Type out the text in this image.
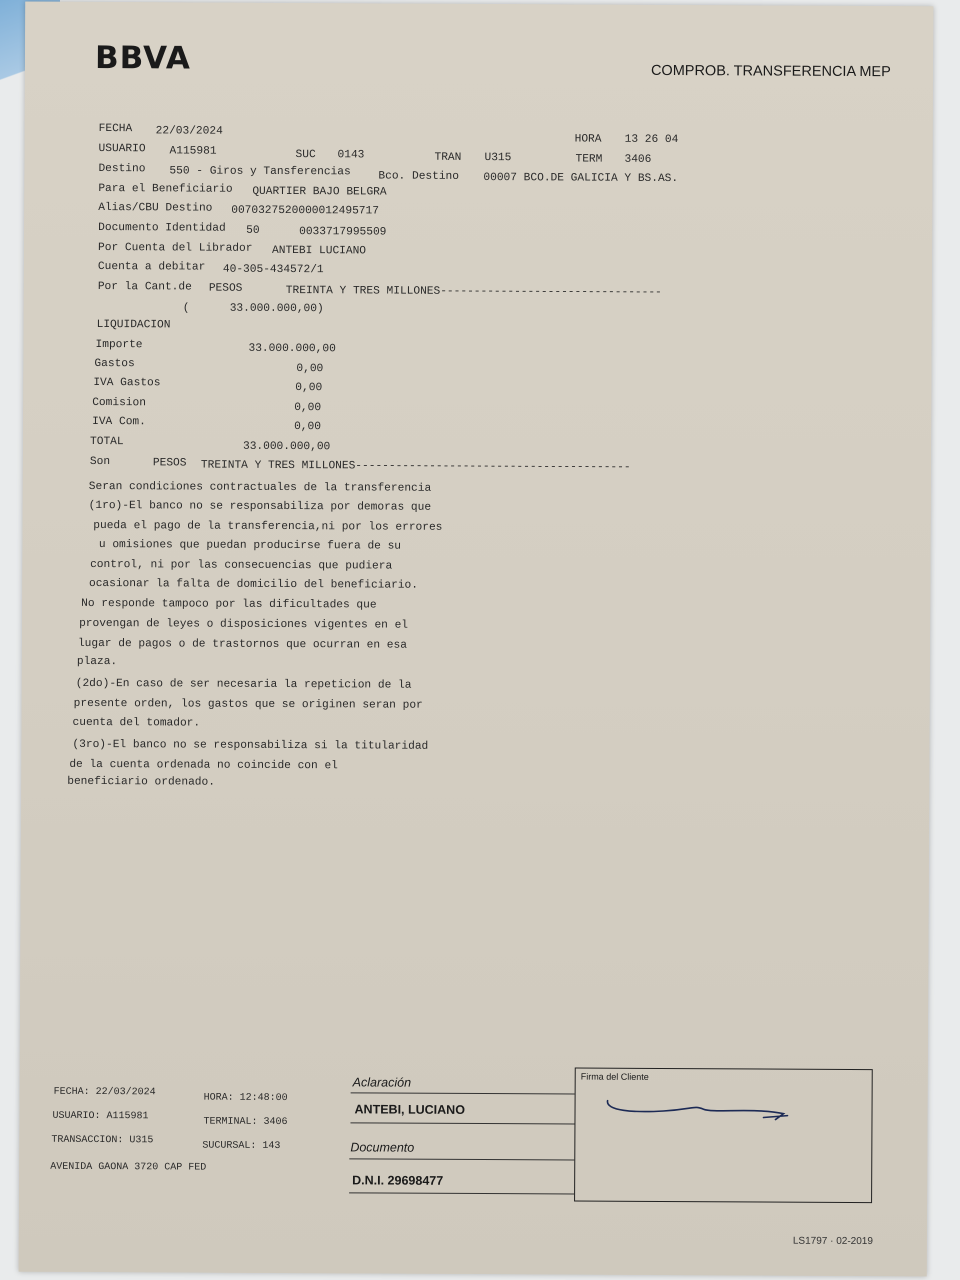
BBVA	COMPROB. TRANSFERENCIA MEP
FECHA 22/03/2024
HORA 13 26 04
USUARIO A115981	SUC 0143	TRAN U315	TERM 3406
Destino 550 - Giros y Tansferencias Bco. Destino 00007 BCO.DE GALICIA Y BS.AS.
Para el Beneficiario QUARTIER BAJO BELGRA
Alias/CBU Destino 0070327520000012495717
Documento Identidad 50	0033717995509
Por Cuenta del Librador ANTEBI LUCIANO
Cuenta a debitar 40-305-434572/1
Por la Cant.de PESOS	TREINTA Y TRES MILLONES---------------------------------
(      33.000.000,00)
LIQUIDACION
Importe	33.000.000,00
Gastos	0,00
IVA Gastos	0,00
Comision	0,00
IVA Com.	0,00
TOTAL	33.000.000,00
Son	PESOS TREINTA Y TRES MILLONES-----------------------------------------
Seran condiciones contractuales de la transferencia
(1ro)-El banco no se responsabiliza por demoras que
pueda el pago de la transferencia,ni por los errores
u omisiones que puedan producirse fuera de su
control, ni por las consecuencias que pudiera
ocasionar la falta de domicilio del beneficiario.
No responde tampoco por las dificultades que
provengan de leyes o disposiciones vigentes en el
lugar de pagos o de trastornos que ocurran en esa
plaza.
(2do)-En caso de ser necesaria la repeticion de la
presente orden, los gastos que se originen seran por
cuenta del tomador.
(3ro)-El banco no se responsabiliza si la titularidad
de la cuenta ordenada no coincide con el
beneficiario ordenado.
FECHA: 22/03/2024	HORA: 12:48:00
USUARIO: A115981
TERMINAL: 3406
TRANSACCION: U315	SUCURSAL: 143
AVENIDA GAONA 3720 CAP FED
Aclaración
ANTEBI, LUCIANO
Documento
D.N.I. 29698477
Firma del Cliente
LS1797 · 02-2019
